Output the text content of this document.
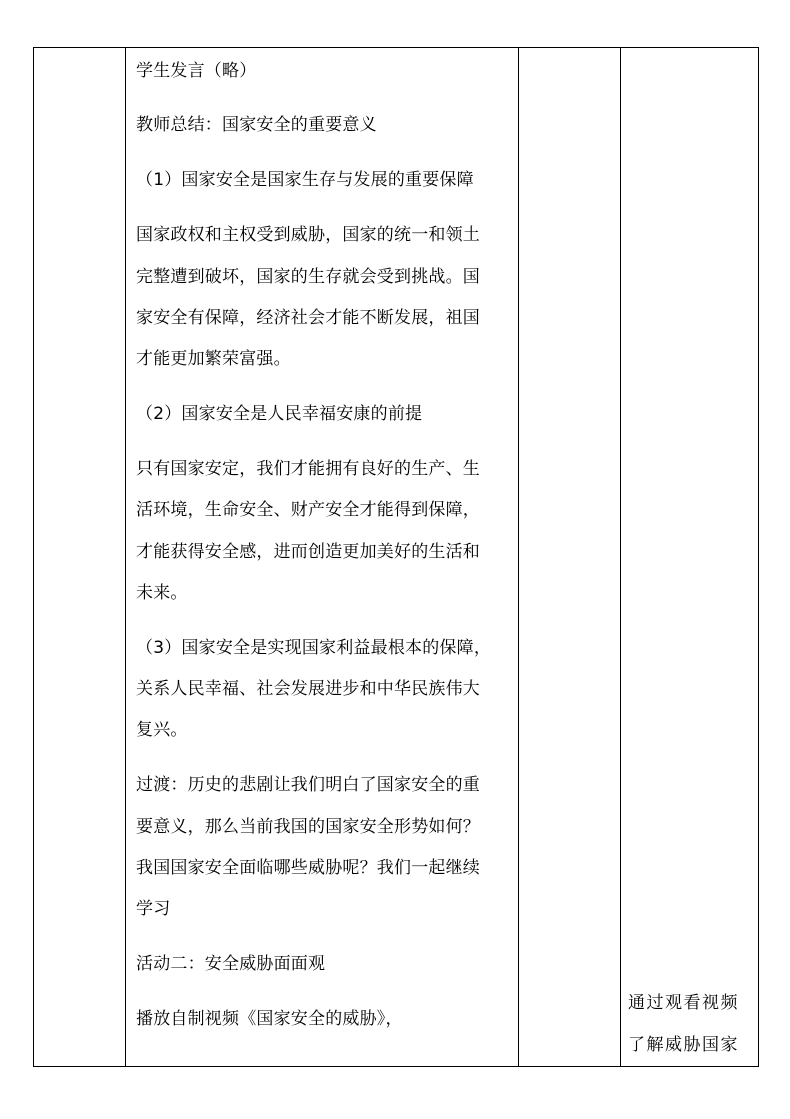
学生发言（略）
教师总结：国家安全的重要意义
（1）国家安全是国家生存与发展的重要保障
国家政权和主权受到威胁，国家的统一和领土
完整遭到破坏，国家的生存就会受到挑战。国
家安全有保障，经济社会才能不断发展，祖国
才能更加繁荣富强。
（2）国家安全是人民幸福安康的前提
只有国家安定，我们才能拥有良好的生产、生
活环境，生命安全、财产安全才能得到保障，
才能获得安全感，进而创造更加美好的生活和
未来。
（3）国家安全是实现国家利益最根本的保障，
关系人民幸福、社会发展进步和中华民族伟大
复兴。
过渡：历史的悲剧让我们明白了国家安全的重
要意义，那么当前我国的国家安全形势如何？
我国国家安全面临哪些威胁呢？我们一起继续
学习
活动二：安全威胁面面观
播放自制视频《国家安全的威胁》，
通过观看视频
了解威胁国家
